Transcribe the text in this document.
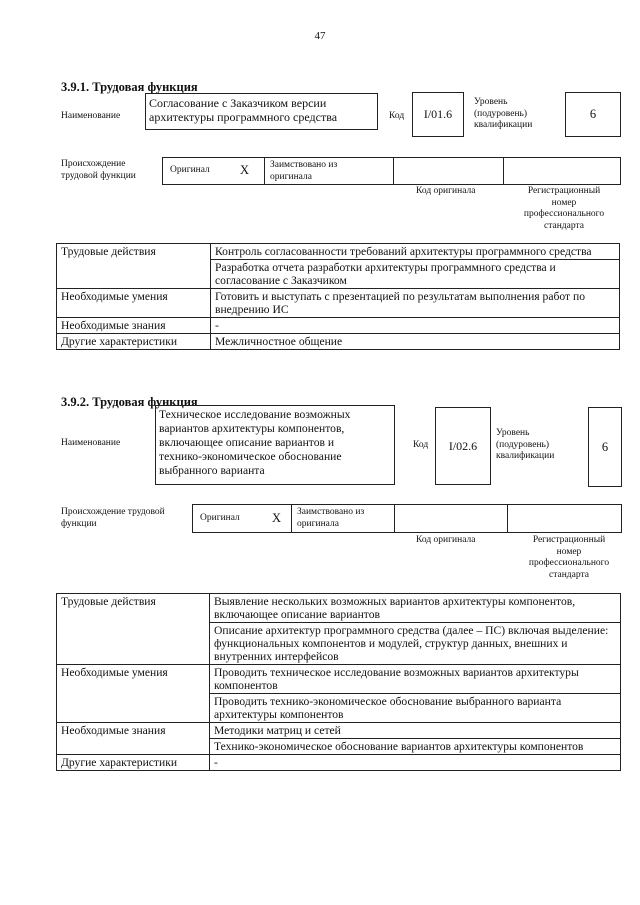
47
3.9.1. Трудовая функция
Наименование
Согласование с Заказчиком версии
архитектуры программного средства	Код I/01.6
Уровень
(подуровень)
квалификации
6
Происхождение
трудовой функции
Оригинал X Заимствовано из
оригинала
Код оригинала	Регистрационный
номер
профессионального
стандарта
Трудовые действия	Контроль согласованности требований архитектуры программного средства
	Разработка отчета разработки архитектуры программного средства и согласование с Заказчиком
Необходимые умения	Готовить и выступать с презентацией по результатам выполнения работ по внедрению ИС
Необходимые знания	-
Другие характеристики	Межличностное общение
3.9.2. Трудовая функция
Наименование
Техническое исследование возможных
вариантов архитектуры компонентов,
включающее описание вариантов и
технико-экономическое обоснование
выбранного варианта
Код I/02.6
Уровень
(подуровень)
квалификации
6
Происхождение трудовой
функции
Оригинал	X Заимствовано из
оригинала
Код оригинала	Регистрационный
номер
профессионального
стандарта
Трудовые действия	Выявление нескольких возможных вариантов архитектуры компонентов, включающее описание вариантов
	Описание архитектур программного средства (далее – ПС) включая выделение: функциональных компонентов и модулей, структур данных, внешних и внутренних интерфейсов
Необходимые умения	Проводить техническое исследование возможных вариантов архитектуры компонентов
	Проводить технико-экономическое обоснование выбранного варианта архитектуры компонентов
Необходимые знания	Методики матриц и сетей
	Технико-экономическое обоснование вариантов архитектуры компонентов
Другие характеристики	-
